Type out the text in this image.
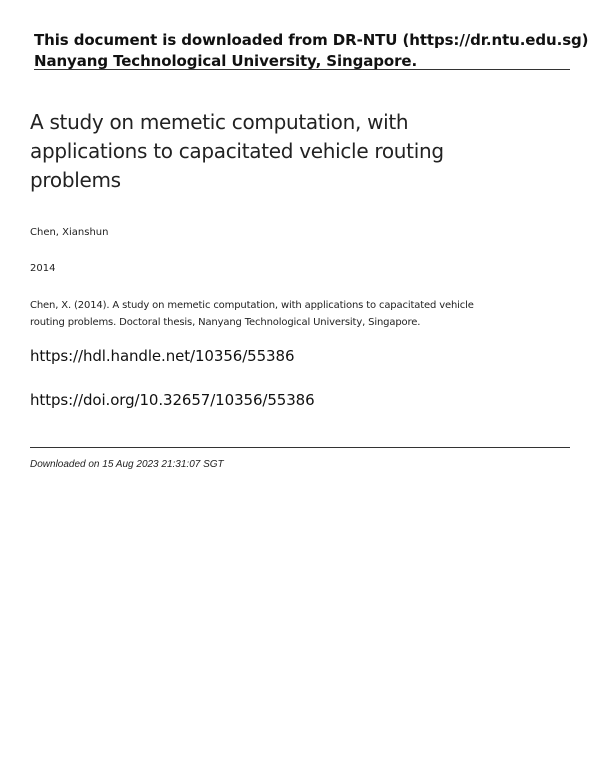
This document is downloaded from DR-NTU (https://dr.ntu.edu.sg)
Nanyang Technological University, Singapore.
A study on memetic computation, with applications to capacitated vehicle routing problems
Chen, Xianshun
2014
Chen, X. (2014). A study on memetic computation, with applications to capacitated vehicle routing problems. Doctoral thesis, Nanyang Technological University, Singapore.
https://hdl.handle.net/10356/55386
https://doi.org/10.32657/10356/55386
Downloaded on 15 Aug 2023 21:31:07 SGT
